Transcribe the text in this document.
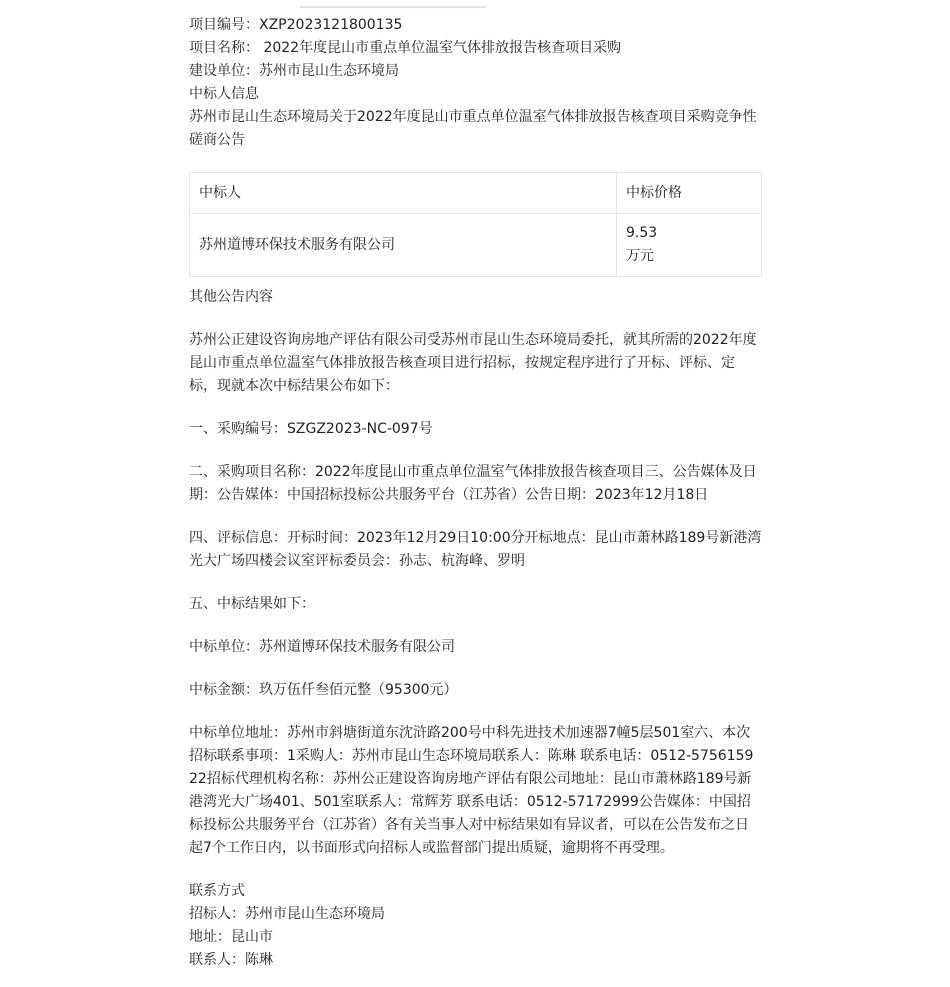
项目编号：XZP2023121800135

项目名称： 2022年度昆山市重点单位温室气体排放报告核查项目采购

建设单位：苏州市昆山生态环境局

中标人信息

苏州市昆山生态环境局关于2022年度昆山市重点单位温室气体排放报告核查项目采购竞争性磋商公告

中标人	中标价格
苏州道博环保技术服务有限公司	9.53
万元

其他公告内容

苏州公正建设咨询房地产评估有限公司受苏州市昆山生态环境局委托，就其所需的2022年度昆山市重点单位温室气体排放报告核查项目进行招标，按规定程序进行了开标、评标、定标，现就本次中标结果公布如下：

一、采购编号：SZGZ2023-NC-097号

二、采购项目名称：2022年度昆山市重点单位温室气体排放报告核查项目三、公告媒体及日期：公告媒体：中国招标投标公共服务平台（江苏省）公告日期：2023年12月18日

四、评标信息：开标时间：2023年12月29日10:00分开标地点：昆山市萧林路189号新港湾光大广场四楼会议室评标委员会：孙志、杭海峰、罗明

五、中标结果如下：

中标单位：苏州道博环保技术服务有限公司

中标金额：玖万伍仟叁佰元整（95300元）

中标单位地址：苏州市斜塘街道东沈浒路200号中科先进技术加速器7幢5层501室六、本次招标联系事项：1采购人：苏州市昆山生态环境局联系人：陈琳 联系电话：0512-575615922招标代理机构名称：苏州公正建设咨询房地产评估有限公司地址：昆山市萧林路189号新港湾光大广场401、501室联系人：常辉芳 联系电话：0512-57172999公告媒体：中国招标投标公共服务平台（江苏省）各有关当事人对中标结果如有异议者，可以在公告发布之日起7个工作日内，以书面形式向招标人或监督部门提出质疑，逾期将不再受理。

联系方式

招标人：苏州市昆山生态环境局

地址：昆山市

联系人：陈琳
